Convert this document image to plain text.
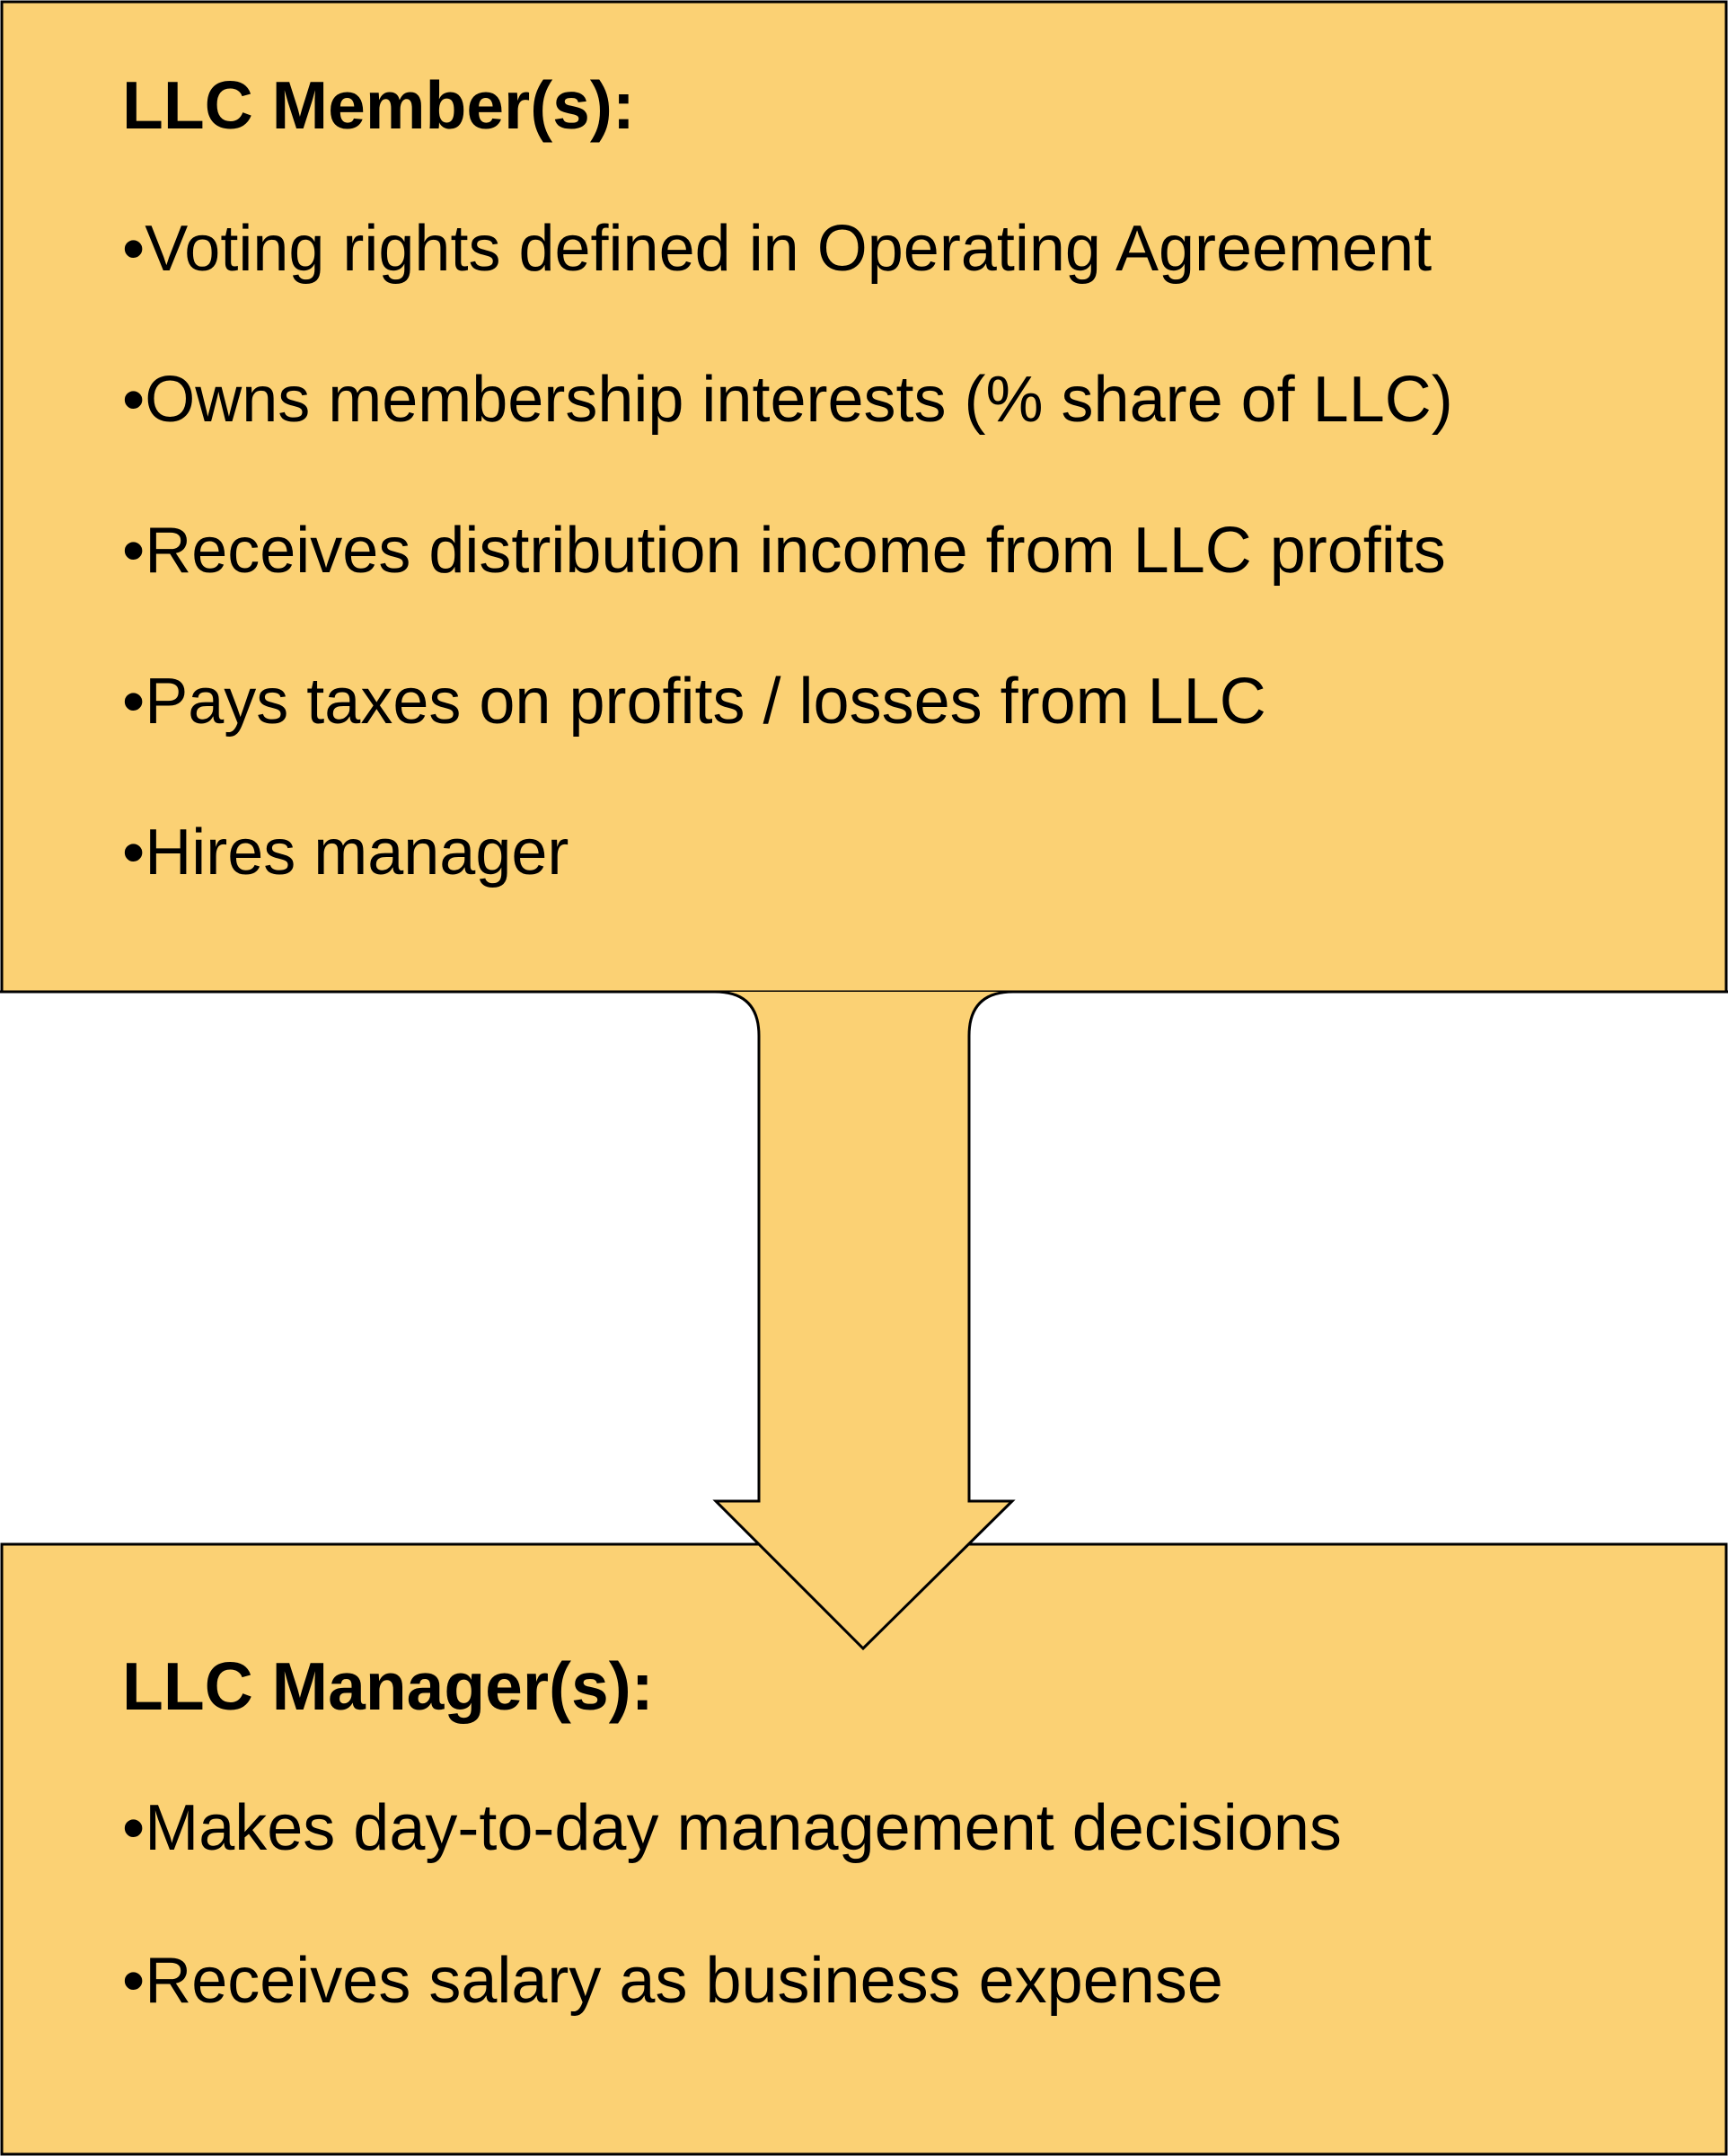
LLC Member(s):
• Voting rights defined in Operating Agreement
• Owns membership interests (% share of LLC)
• Receives distribution income from LLC profits
• Pays taxes on profits / losses from LLC
• Hires manager
LLC Manager(s):
• Makes day-to-day management decisions
• Receives salary as business expense
